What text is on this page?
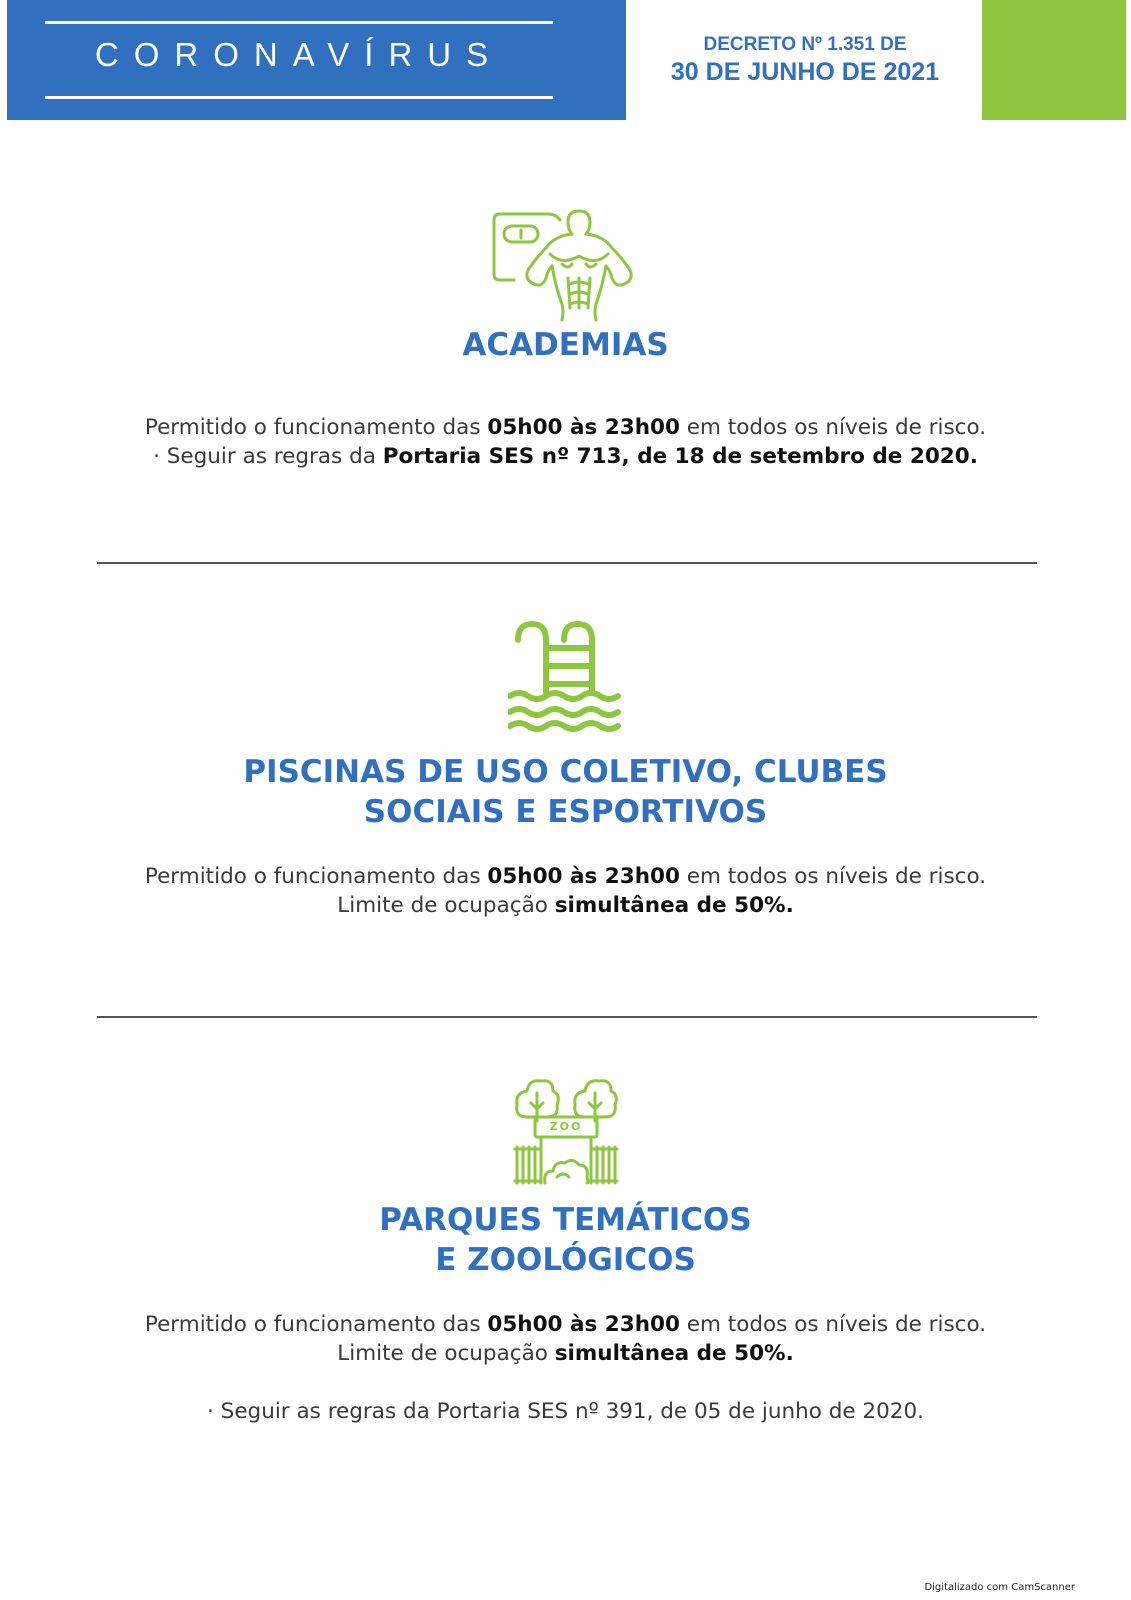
CORONAVÍRUS	DECRETO Nº 1.351 DE
30 DE JUNHO DE 2021
ACADEMIAS
Permitido o funcionamento das 05h00 às 23h00 em todos os níveis de risco.
· Seguir as regras da Portaria SES nº 713, de 18 de setembro de 2020.
PISCINAS DE USO COLETIVO, CLUBES
SOCIAIS E ESPORTIVOS
Permitido o funcionamento das 05h00 às 23h00 em todos os níveis de risco.
Limite de ocupação simultânea de 50%.
ZOO
PARQUES TEMÁTICOS
E ZOOLÓGICOS
Permitido o funcionamento das 05h00 às 23h00 em todos os níveis de risco.
Limite de ocupação simultânea de 50%.
· Seguir as regras da Portaria SES nº 391, de 05 de junho de 2020.
Digitalizado com CamScanner
